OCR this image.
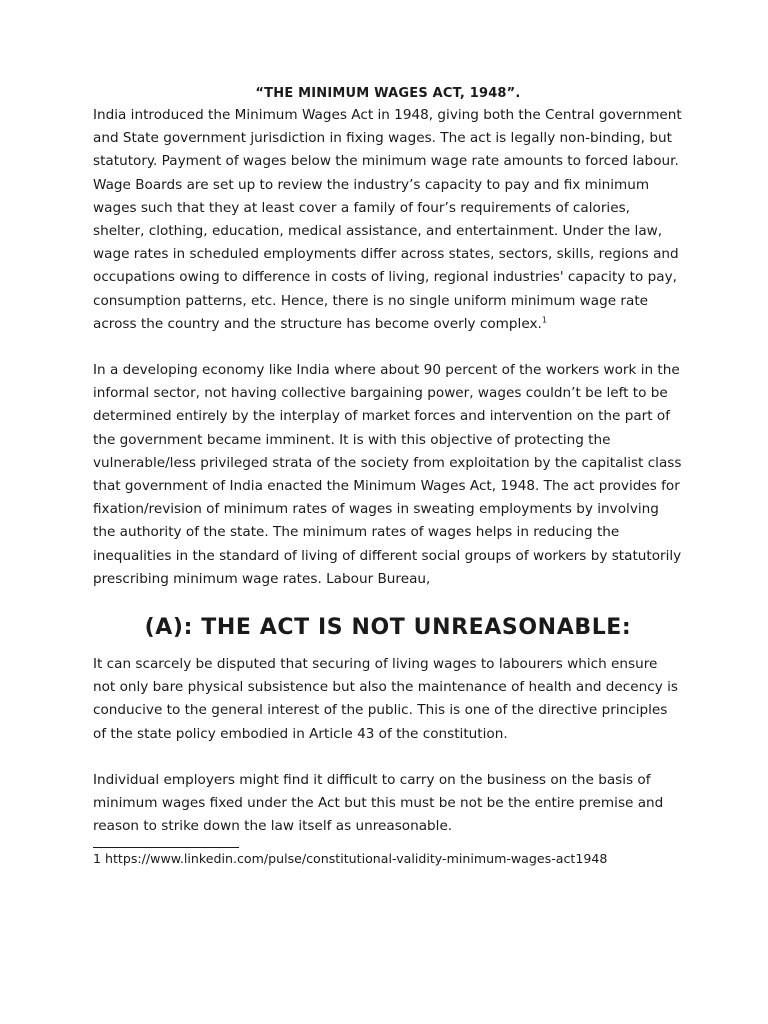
“THE MINIMUM WAGES ACT, 1948”.

India introduced the Minimum Wages Act in 1948, giving both the Central government and State government jurisdiction in fixing wages. The act is legally non-binding, but statutory. Payment of wages below the minimum wage rate amounts to forced labour. Wage Boards are set up to review the industry’s capacity to pay and fix minimum wages such that they at least cover a family of four’s requirements of calories, shelter, clothing, education, medical assistance, and entertainment. Under the law, wage rates in scheduled employments differ across states, sectors, skills, regions and occupations owing to difference in costs of living, regional industries' capacity to pay, consumption patterns, etc. Hence, there is no single uniform minimum wage rate across the country and the structure has become overly complex.$^1$

In a developing economy like India where about 90 percent of the workers work in the informal sector, not having collective bargaining power, wages couldn’t be left to be determined entirely by the interplay of market forces and intervention on the part of the government became imminent. It is with this objective of protecting the vulnerable/less privileged strata of the society from exploitation by the capitalist class that government of India enacted the Minimum Wages Act, 1948. The act provides for fixation/revision of minimum rates of wages in sweating employments by involving the authority of the state. The minimum rates of wages helps in reducing the inequalities in the standard of living of different social groups of workers by statutorily prescribing minimum wage rates. Labour Bureau,

(A): THE ACT IS NOT UNREASONABLE:

It can scarcely be disputed that securing of living wages to labourers which ensure not only bare physical subsistence but also the maintenance of health and decency is conducive to the general interest of the public. This is one of the directive principles of the state policy embodied in Article 43 of the constitution.

Individual employers might find it difficult to carry on the business on the basis of minimum wages fixed under the Act but this must be not be the entire premise and reason to strike down the law itself as unreasonable.

1 https://www.linkedin.com/pulse/constitutional-validity-minimum-wages-act1948
